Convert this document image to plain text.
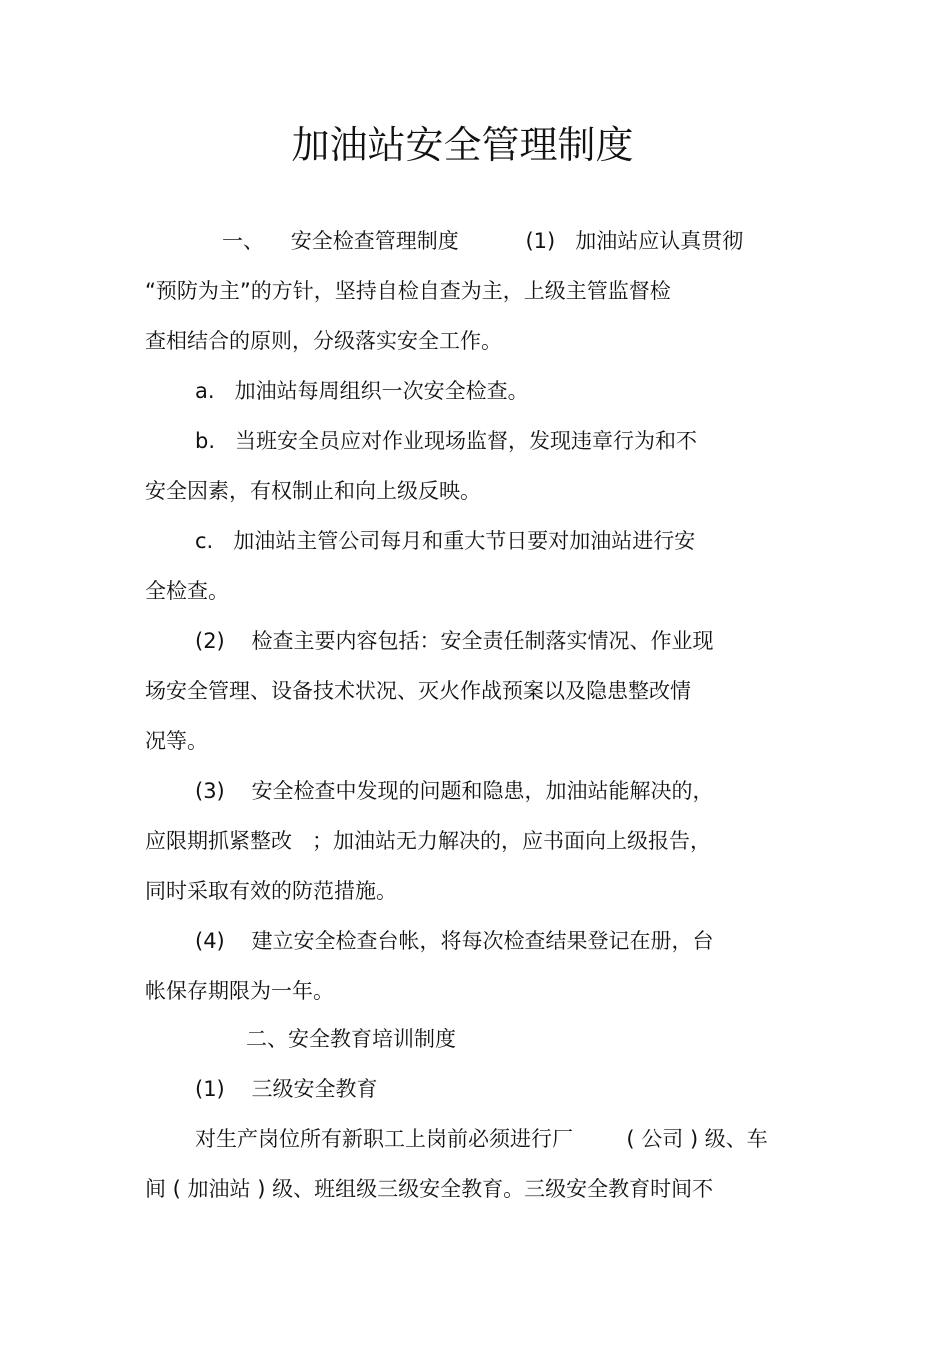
加油站安全管理制度
一、    安全检查管理制度          (1)   加油站应认真贯彻
“预防为主”的方针，坚持自检自查为主，上级主管监督检
查相结合的原则，分级落实安全工作。
a.   加油站每周组织一次安全检查。
b.   当班安全员应对作业现场监督，发现违章行为和不
安全因素，有权制止和向上级反映。
c.   加油站主管公司每月和重大节日要对加油站进行安
全检查。
(2)    检查主要内容包括：安全责任制落实情况、作业现
场安全管理、设备技术状况、灭火作战预案以及隐患整改情
况等。
(3)    安全检查中发现的问题和隐患，加油站能解决的，
应限期抓紧整改   ；加油站无力解决的，应书面向上级报告，
同时采取有效的防范措施。
(4)    建立安全检查台帐，将每次检查结果登记在册，台
帐保存期限为一年。
二、安全教育培训制度
(1)    三级安全教育
对生产岗位所有新职工上岗前必须进行厂        ( 公司 ) 级、车
间 ( 加油站 ) 级、班组级三级安全教育。三级安全教育时间不
